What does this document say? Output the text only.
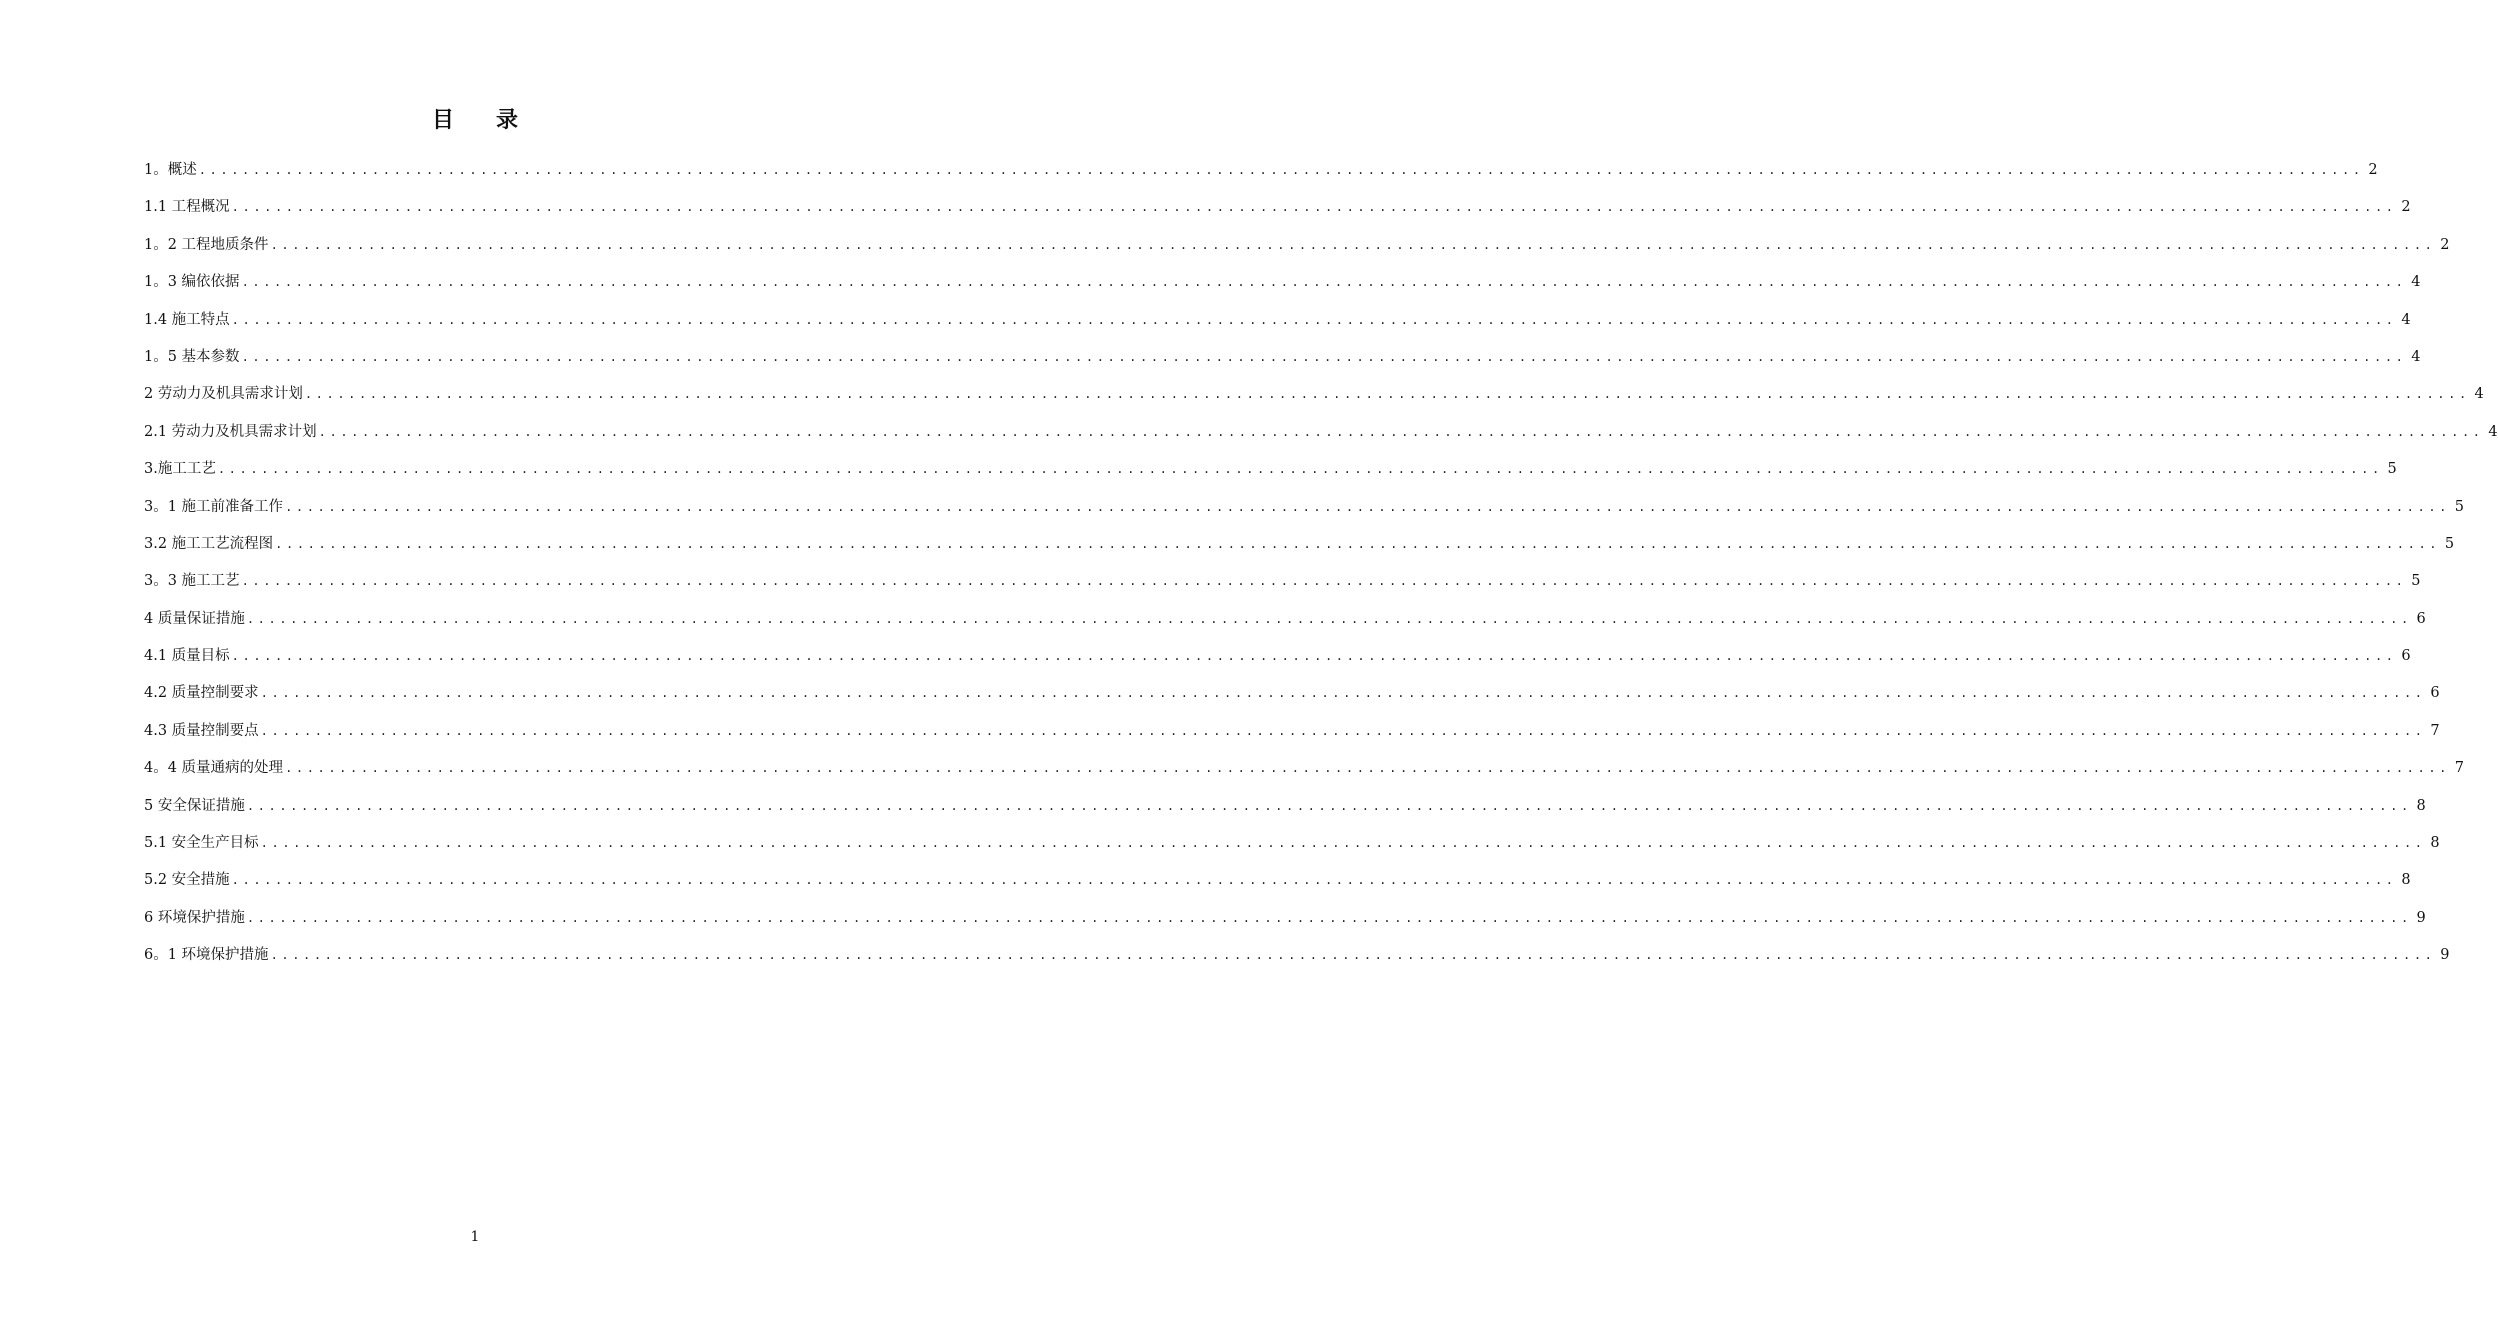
目录
1。概述 ........................................................................................................................................................................................................ 2
1.1 工程概况 ........................................................................................................................................................................................................ 2
1。2 工程地质条件 ........................................................................................................................................................................................................ 2
1。3 编依依据 ........................................................................................................................................................................................................ 4
1.4 施工特点 ........................................................................................................................................................................................................ 4
1。5 基本参数 ........................................................................................................................................................................................................ 4
2 劳动力及机具需求计划 ........................................................................................................................................................................................................ 4
2.1 劳动力及机具需求计划 ........................................................................................................................................................................................................ 4
3.施工工艺 ........................................................................................................................................................................................................ 5
3。1 施工前准备工作 ........................................................................................................................................................................................................ 5
3.2 施工工艺流程图 ........................................................................................................................................................................................................ 5
3。3 施工工艺 ........................................................................................................................................................................................................ 5
4 质量保证措施 ........................................................................................................................................................................................................ 6
4.1 质量目标 ........................................................................................................................................................................................................ 6
4.2 质量控制要求 ........................................................................................................................................................................................................ 6
4.3 质量控制要点 ........................................................................................................................................................................................................ 7
4。4 质量通病的处理 ........................................................................................................................................................................................................ 7
5 安全保证措施 ........................................................................................................................................................................................................ 8
5.1 安全生产目标 ........................................................................................................................................................................................................ 8
5.2 安全措施 ........................................................................................................................................................................................................ 8
6 环境保护措施 ........................................................................................................................................................................................................ 9
6。1 环境保护措施 ........................................................................................................................................................................................................ 9
1
